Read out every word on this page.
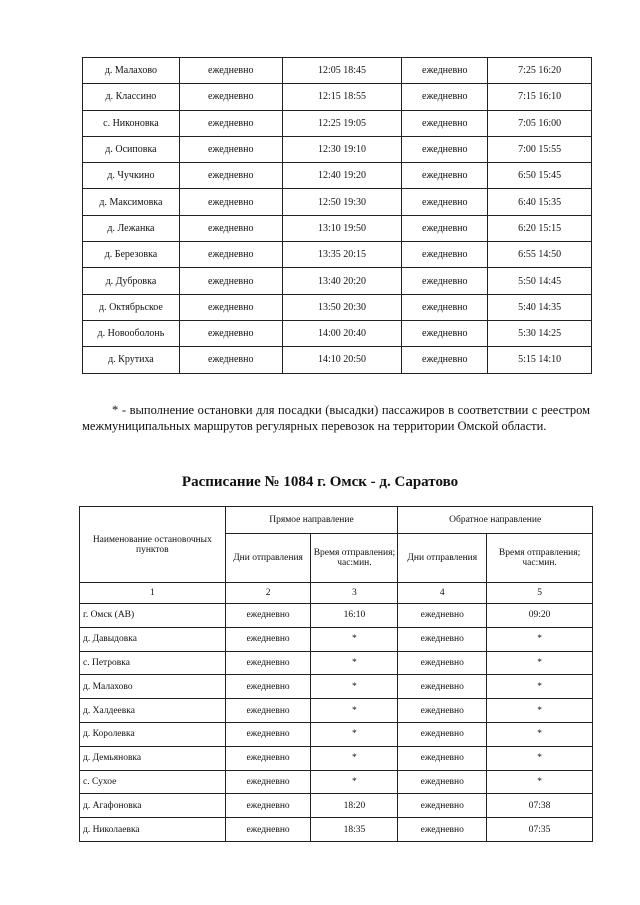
д. Малахово	ежедневно	12:05 18:45	ежедневно	7:25 16:20
д. Классино	ежедневно	12:15 18:55	ежедневно	7:15 16:10
с. Никоновка	ежедневно	12:25 19:05	ежедневно	7:05 16:00
д. Осиповка	ежедневно	12:30 19:10	ежедневно	7:00 15:55
д. Чучкино	ежедневно	12:40 19:20	ежедневно	6:50 15:45
д. Максимовка	ежедневно	12:50 19:30	ежедневно	6:40 15:35
д. Лежанка	ежедневно	13:10 19:50	ежедневно	6:20 15:15
д. Березовка	ежедневно	13:35 20:15	ежедневно	6:55 14:50
д. Дубровка	ежедневно	13:40 20:20	ежедневно	5:50 14:45
д. Октябрьское	ежедневно	13:50 20:30	ежедневно	5:40 14:35
д. Новооболонь	ежедневно	14:00 20:40	ежедневно	5:30 14:25
д. Крутиха	ежедневно	14:10 20:50	ежедневно	5:15 14:10
* - выполнение остановки для посадки (высадки) пассажиров в соответствии с реестром межмуниципальных маршрутов регулярных перевозок на территории Омской области.
Расписание № 1084 г. Омск - д. Саратово
Наименование остановочных пунктов	Прямое направление		Обратное направление	
	Дни отправления	Время отправления; час:мин.	Дни отправления	Время отправления; час:мин.
1	2	3	4	5
г. Омск (АВ)	ежедневно	16:10	ежедневно	09:20
д. Давыдовка	ежедневно	*	ежедневно	*
с. Петровка	ежедневно	*	ежедневно	*
д. Малахово	ежедневно	*	ежедневно	*
д. Халдеевка	ежедневно	*	ежедневно	*
д. Королевка	ежедневно	*	ежедневно	*
д. Демьяновка	ежедневно	*	ежедневно	*
с. Сухое	ежедневно	*	ежедневно	*
д. Агафоновка	ежедневно	18:20	ежедневно	07:38
д. Николаевка	ежедневно	18:35	ежедневно	07:35
